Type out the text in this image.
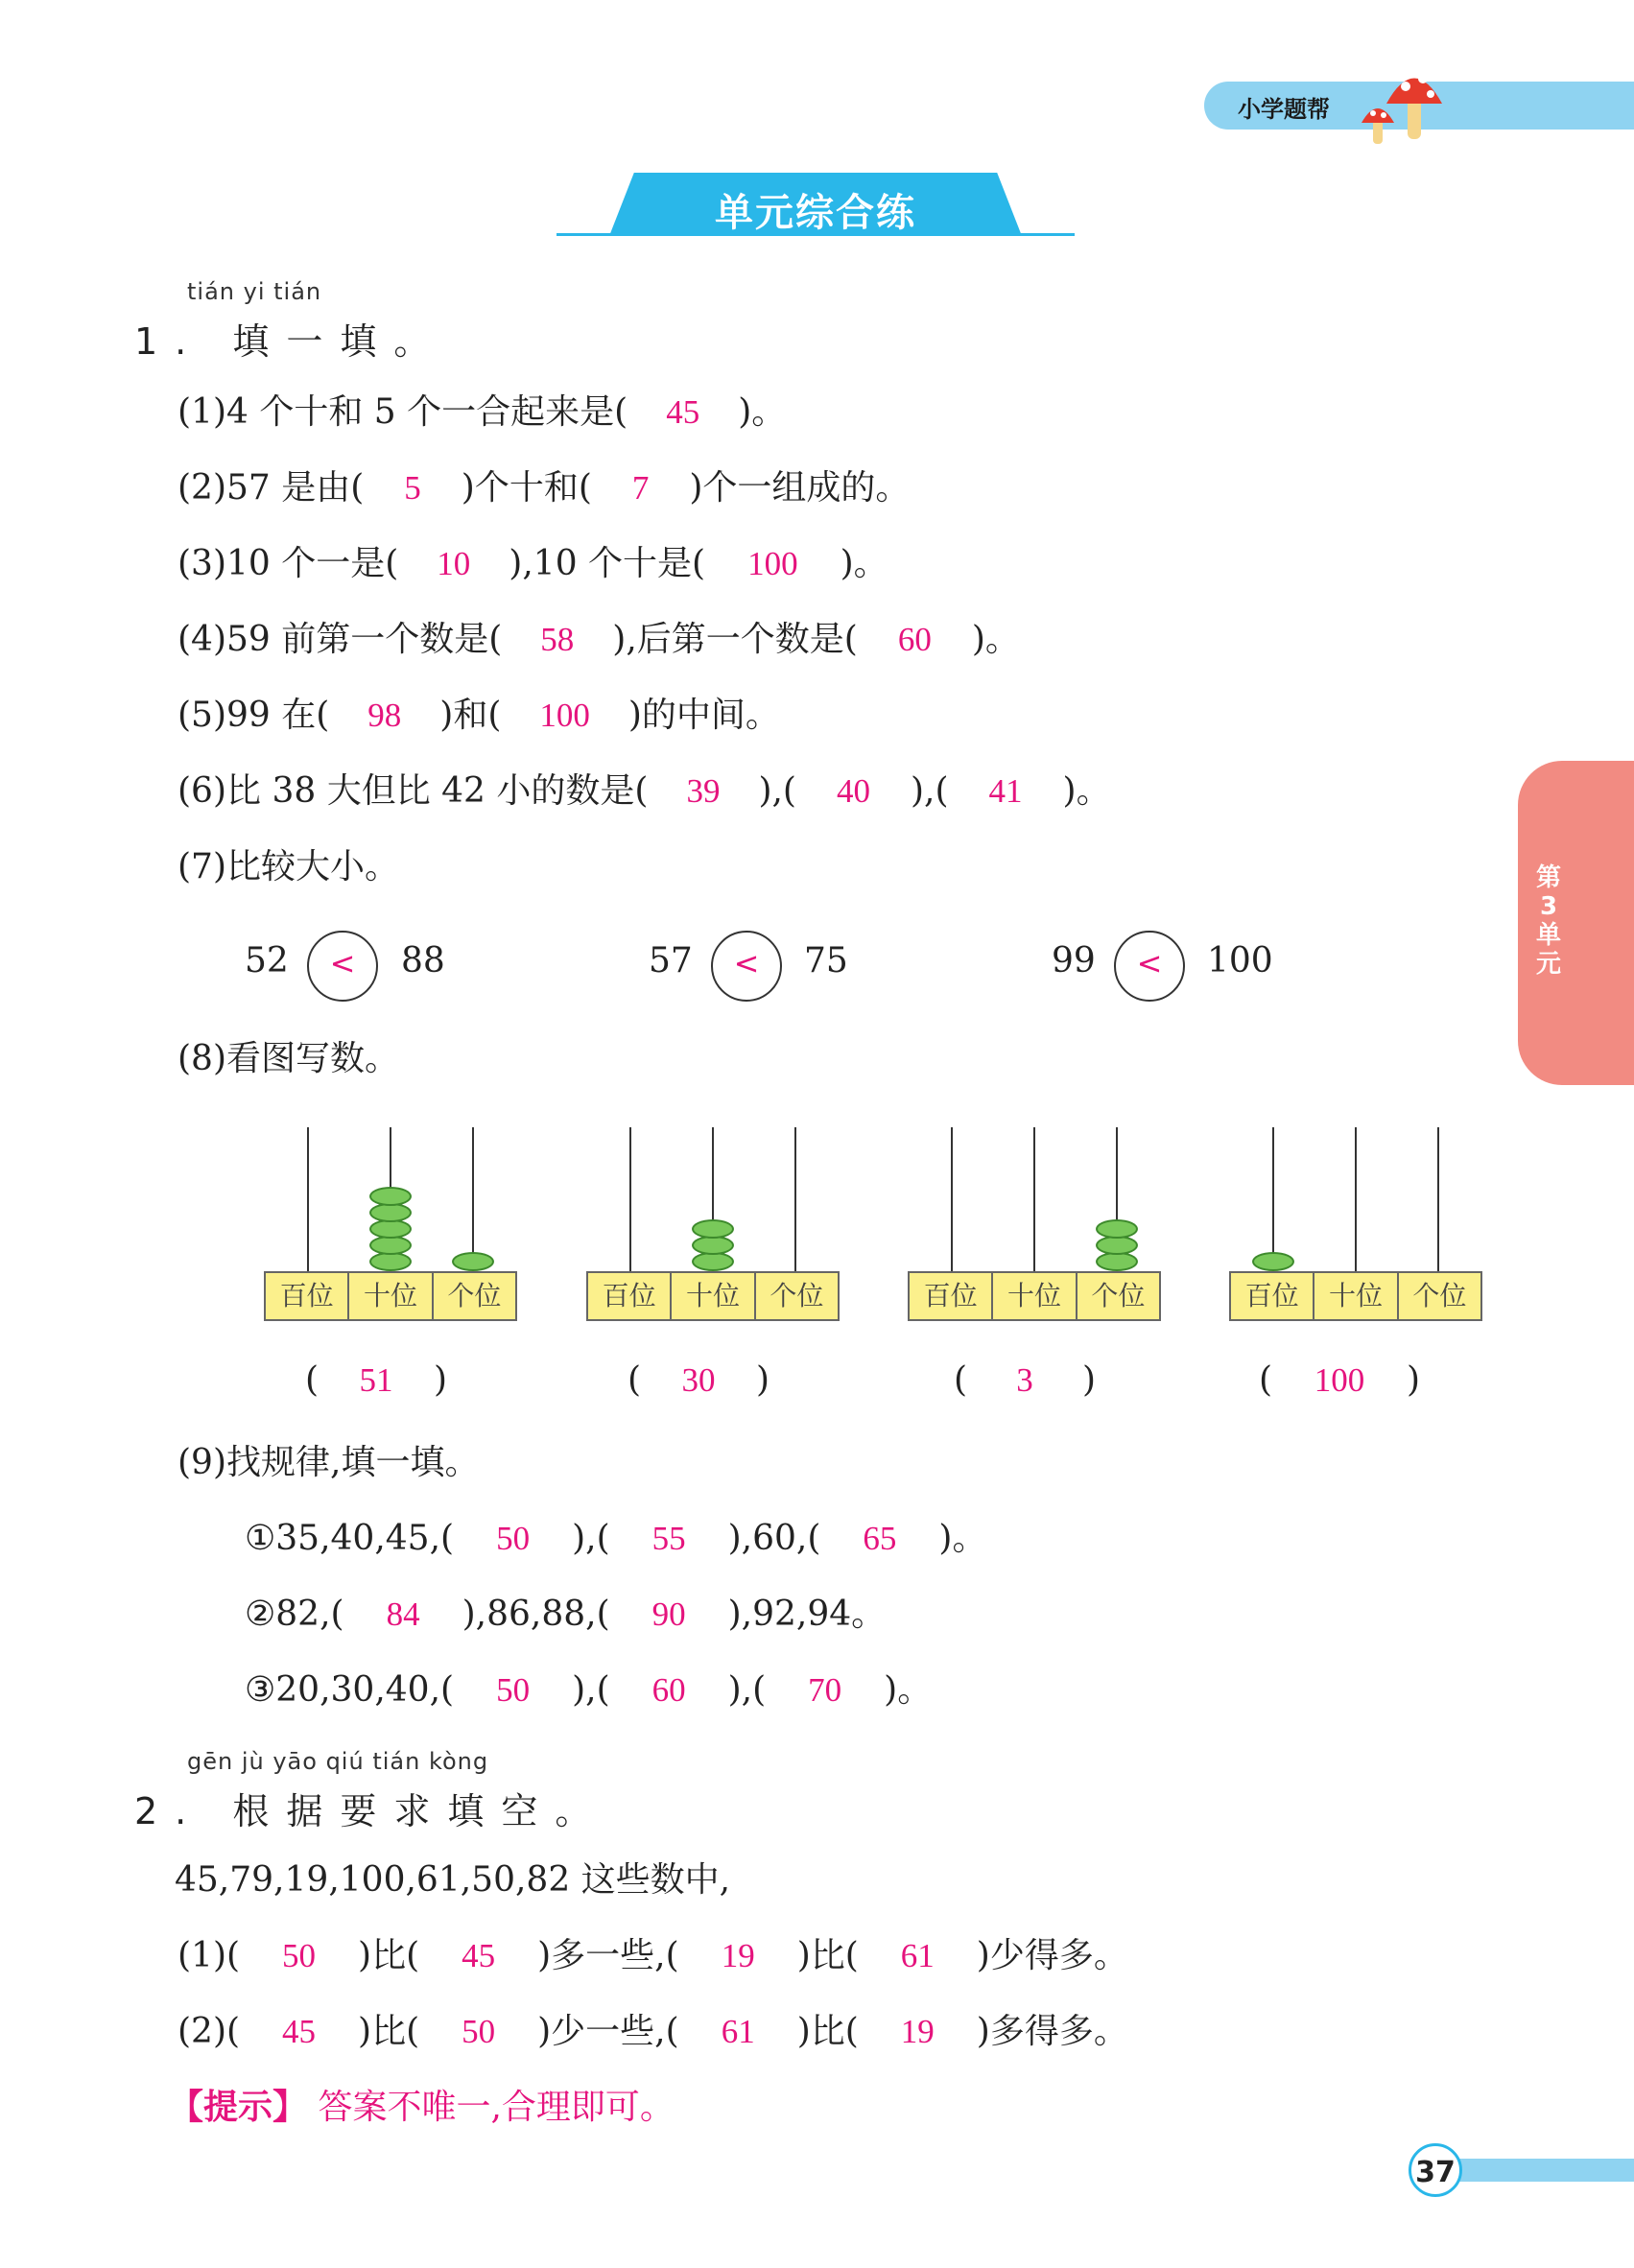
小学题帮
第3单元
单元综合练
tián yi tián
1. 填一填。
(1)4 个十和 5 个一合起来是( 45 )。
(2)57 是由( 5 )个十和( 7 )个一组成的。
(3)10 个一是( 10 ),10 个十是( 100 )。
(4)59 前第一个数是( 58 ),后第一个数是( 60 )。
(5)99 在( 98 )和( 100 )的中间。
(6)比 38 大但比 42 小的数是( 39 ),( 40 ),( 41 )。
(7)比较大小。
52	<	88	57	<	75	99	<	100
(8)看图写数。
百位	十位	个位	百位	十位	个位	百位	十位	个位	百位	十位	个位
( 51 )	( 30 )	( 3 )	( 100 )
(9)找规律,填一填。
①35,40,45,( 50 ),( 55 ),60,( 65 )。
②82,( 84 ),86,88,( 90 ),92,94。
③20,30,40,( 50 ),( 60 ),( 70 )。
gēn jù yāo qiú tián kòng
2. 根据要求填空。
45,79,19,100,61,50,82 这些数中,
(1)( 50 )比( 45 )多一些,( 19 )比( 61 )少得多。
(2)( 45 )比( 50 )少一些,( 61 )比( 19 )多得多。
【提示】 答案不唯一,合理即可。
37
